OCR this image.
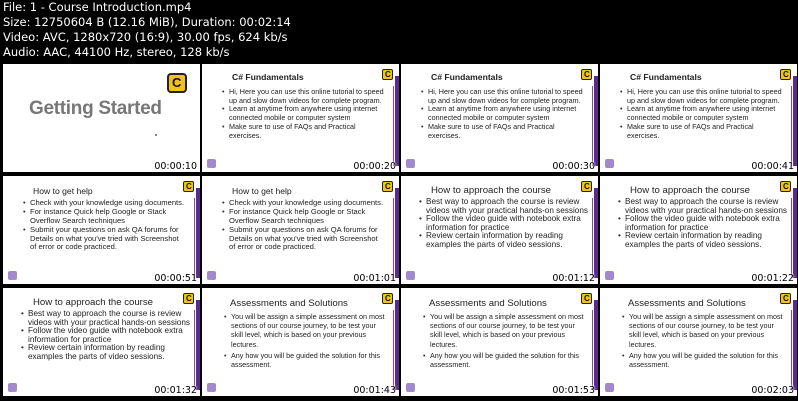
File: 1 - Course Introduction.mp4
Size: 12750604 B (12.16 MiB), Duration: 00:02:14
Video: AVC, 1280x720 (16:9), 30.00 fps, 624 kb/s
Audio: AAC, 44100 Hz, stereo, 128 kb/s
Getting Started
C
00:00:10
C# Fundamentals	C
• Hi, Here you can use this online tutorial to speed up and slow down videos for complete program.
• Learn at anytime from anywhere using internet connected mobile or computer system
• Make sure to use of FAQs and Practical exercises.
00:00:20
C# Fundamentals	C
• Hi, Here you can use this online tutorial to speed up and slow down videos for complete program.
• Learn at anytime from anywhere using internet connected mobile or computer system
• Make sure to use of FAQs and Practical exercises.
00:00:30
C# Fundamentals	C
• Hi, Here you can use this online tutorial to speed up and slow down videos for complete program.
• Learn at anytime from anywhere using internet connected mobile or computer system
• Make sure to use of FAQs and Practical exercises.
00:00:41
How to get help	C
• Check with your knowledge using documents.
• For instance Quick help Google or Stack Overflow Search techniques
• Submit your questions on ask QA forums for Details on what you've tried with Screenshot of error or code practiced.
00:00:51
How to get help	C
• Check with your knowledge using documents.
• For instance Quick help Google or Stack Overflow Search techniques
• Submit your questions on ask QA forums for Details on what you've tried with Screenshot of error or code practiced.
00:01:01
How to approach the course	C
• Best way to approach the course is review videos with your practical hands-on sessions
• Follow the video guide with notebook extra information for practice
• Review certain information by reading examples the parts of video sessions.
00:01:12
How to approach the course	C
• Best way to approach the course is review videos with your practical hands-on sessions
• Follow the video guide with notebook extra information for practice
• Review certain information by reading examples the parts of video sessions.
00:01:22
How to approach the course	C
• Best way to approach the course is review videos with your practical hands-on sessions
• Follow the video guide with notebook extra information for practice
• Review certain information by reading examples the parts of video sessions.
00:01:32
Assessments and Solutions	C
• You will be assign a simple assessment on most sections of our course journey, to be test your skill level, which is based on your previous lectures.
• Any how you will be guided the solution for this assessment.
00:01:43
Assessments and Solutions	C
• You will be assign a simple assessment on most sections of our course journey, to be test your skill level, which is based on your previous lectures.
• Any how you will be guided the solution for this assessment.
00:01:53
Assessments and Solutions	C
• You will be assign a simple assessment on most sections of our course journey, to be test your skill level, which is based on your previous lectures.
• Any how you will be guided the solution for this assessment.
00:02:03
